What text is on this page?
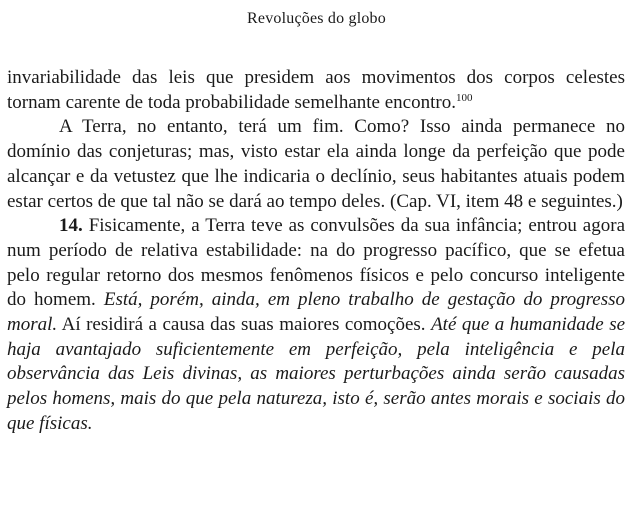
Revoluções do globo

invariabilidade das leis que presidem aos movimentos dos corpos celestes tornam carente de toda probabilidade semelhante encontro.$^{100}$

A Terra, no entanto, terá um fim. Como? Isso ainda permanece no domínio das conjeturas; mas, visto estar ela ainda longe da perfeição que pode alcançar e da vetustez que lhe indicaria o declínio, seus habitantes atuais podem estar certos de que tal não se dará ao tempo deles. (Cap. VI, item 48 e seguintes.)

14. Fisicamente, a Terra teve as convulsões da sua infância; entrou agora num período de relativa estabilidade: na do progresso pacífico, que se efetua pelo regular retorno dos mesmos fenômenos físicos e pelo concurso inteligente do homem. Está, porém, ainda, em pleno trabalho de gestação do progresso moral. Aí residirá a causa das suas maiores comoções. Até que a humanidade se haja avantajado suficientemente em perfeição, pela inteligência e pela observância das Leis divinas, as maiores perturbações ainda serão causadas pelos homens, mais do que pela natureza, isto é, serão antes morais e sociais do que físicas.
